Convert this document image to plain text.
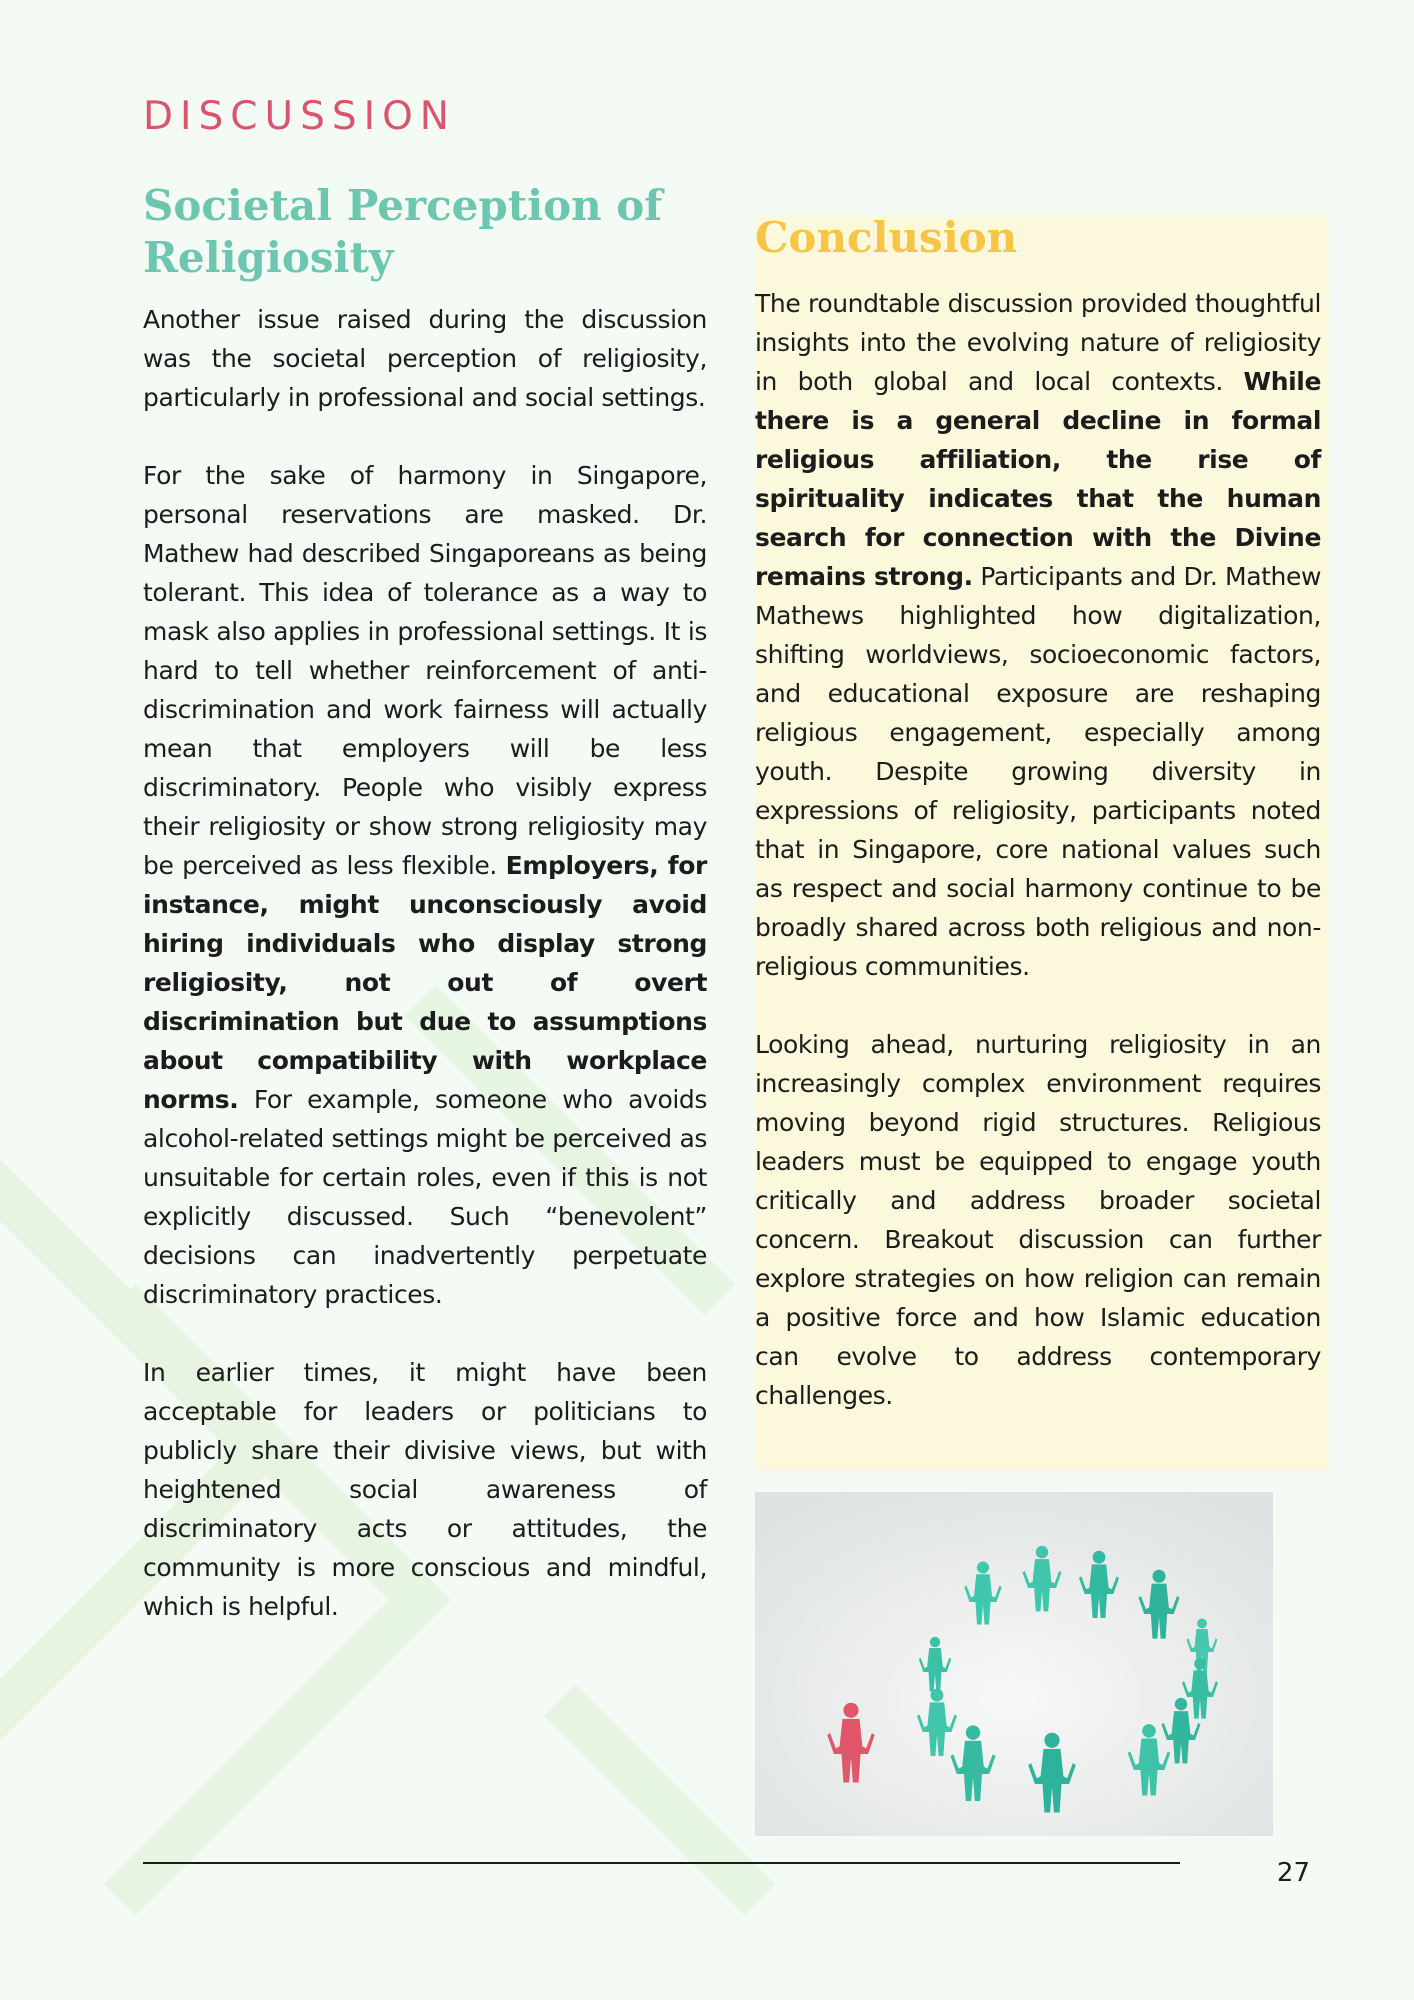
DISCUSSION
Societal Perception of Religiosity

Another issue raised during the discussion was the societal perception of religiosity, particularly in professional and social settings.

For the sake of harmony in Singapore, personal reservations are masked. Dr. Mathew had described Singaporeans as being tolerant. This idea of tolerance as a way to mask also applies in professional settings. It is hard to tell whether reinforcement of anti-discrimination and work fairness will actually mean that employers will be less discriminatory. People who visibly express their religiosity or show strong religiosity may be perceived as less flexible. Employers, for instance, might unconsciously avoid hiring individuals who display strong religiosity, not out of overt discrimination but due to assumptions about compatibility with workplace norms. For example, someone who avoids alcohol-related settings might be perceived as unsuitable for certain roles, even if this is not explicitly discussed. Such “benevolent” decisions can inadvertently perpetuate discriminatory practices.

In earlier times, it might have been acceptable for leaders or politicians to publicly share their divisive views, but with heightened social awareness of discriminatory acts or attitudes, the community is more conscious and mindful, which is helpful.

Conclusion

The roundtable discussion provided thoughtful insights into the evolving nature of religiosity in both global and local contexts. While there is a general decline in formal religious affiliation, the rise of spirituality indicates that the human search for connection with the Divine remains strong. Participants and Dr. Mathew Mathews highlighted how digitalization, shifting worldviews, socioeconomic factors, and educational exposure are reshaping religious engagement, especially among youth. Despite growing diversity in expressions of religiosity, participants noted that in Singapore, core national values such as respect and social harmony continue to be broadly shared across both religious and non-religious communities.

Looking ahead, nurturing religiosity in an increasingly complex environment requires moving beyond rigid structures. Religious leaders must be equipped to engage youth critically and address broader societal concern. Breakout discussion can further explore strategies on how religion can remain a positive force and how Islamic education can evolve to address contemporary challenges.

27
